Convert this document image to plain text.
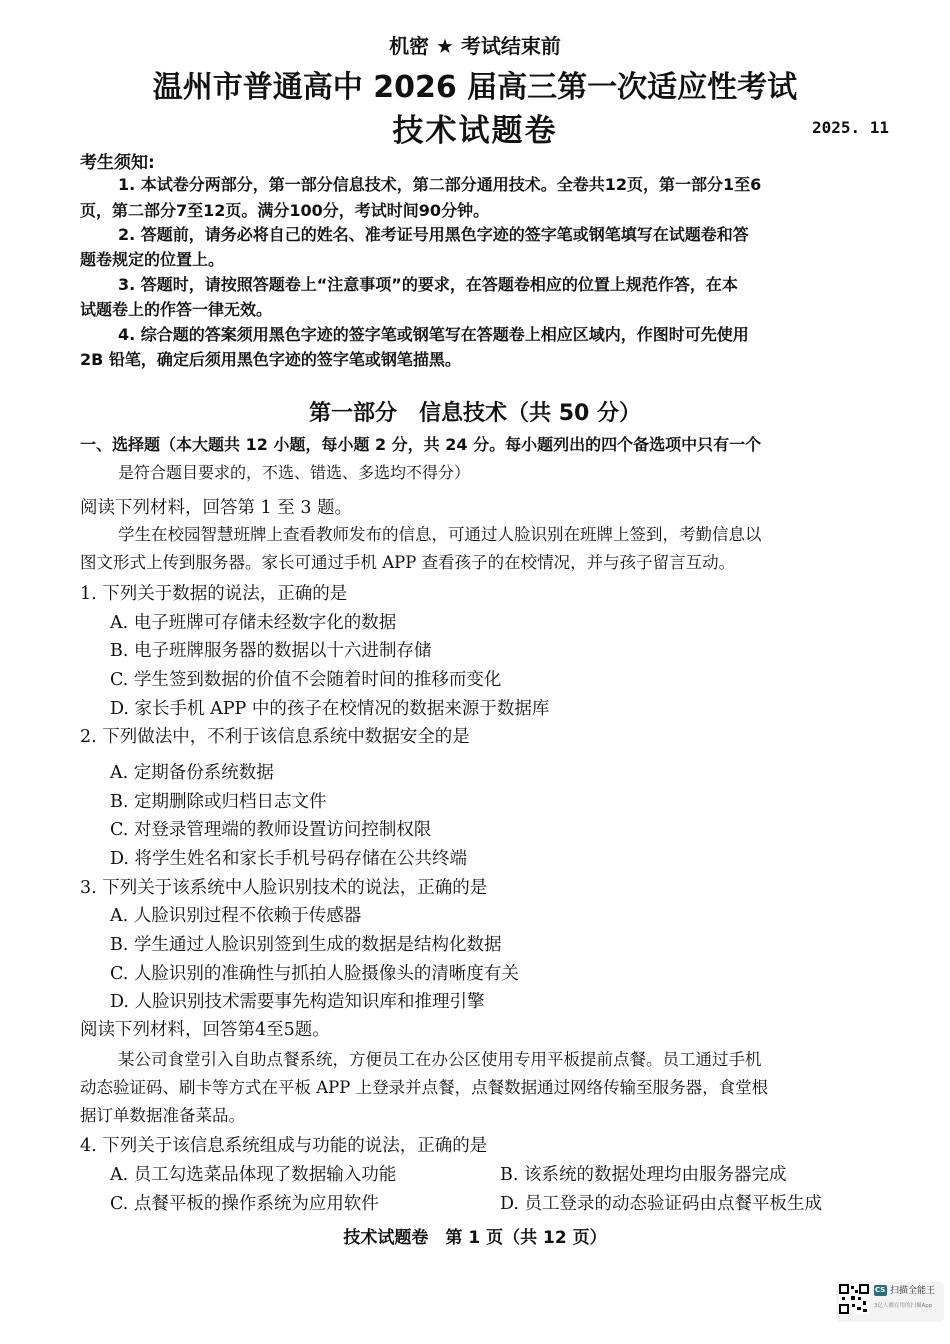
机密 ★ 考试结束前
温州市普通高中 2026 届高三第一次适应性考试
技术试题卷	2025. 11
考生须知:
1. 本试卷分两部分，第一部分信息技术，第二部分通用技术。全卷共12页，第一部分1至6
页，第二部分7至12页。满分100分，考试时间90分钟。
2. 答题前，请务必将自己的姓名、准考证号用黑色字迹的签字笔或钢笔填写在试题卷和答
题卷规定的位置上。
3. 答题时，请按照答题卷上“注意事项”的要求，在答题卷相应的位置上规范作答，在本
试题卷上的作答一律无效。
4. 综合题的答案须用黑色字迹的签字笔或钢笔写在答题卷上相应区域内，作图时可先使用
2B 铅笔，确定后须用黑色字迹的签字笔或钢笔描黑。
第一部分　信息技术（共 50 分）
一、选择题（本大题共 12 小题，每小题 2 分，共 24 分。每小题列出的四个备选项中只有一个
是符合题目要求的，不选、错选、多选均不得分）
阅读下列材料，回答第 1 至 3 题。
学生在校园智慧班牌上查看教师发布的信息，可通过人脸识别在班牌上签到，考勤信息以
图文形式上传到服务器。家长可通过手机 APP 查看孩子的在校情况，并与孩子留言互动。
1. 下列关于数据的说法，正确的是
A. 电子班牌可存储未经数字化的数据
B. 电子班牌服务器的数据以十六进制存储
C. 学生签到数据的价值不会随着时间的推移而变化
D. 家长手机 APP 中的孩子在校情况的数据来源于数据库
2. 下列做法中，不利于该信息系统中数据安全的是
A. 定期备份系统数据
B. 定期删除或归档日志文件
C. 对登录管理端的教师设置访问控制权限
D. 将学生姓名和家长手机号码存储在公共终端
3. 下列关于该系统中人脸识别技术的说法，正确的是
A. 人脸识别过程不依赖于传感器
B. 学生通过人脸识别签到生成的数据是结构化数据
C. 人脸识别的准确性与抓拍人脸摄像头的清晰度有关
D. 人脸识别技术需要事先构造知识库和推理引擎
阅读下列材料，回答第4至5题。
某公司食堂引入自助点餐系统，方便员工在办公区使用专用平板提前点餐。员工通过手机
动态验证码、刷卡等方式在平板 APP 上登录并点餐，点餐数据通过网络传输至服务器，食堂根
据订单数据准备菜品。
4. 下列关于该信息系统组成与功能的说法，正确的是
A. 员工勾选菜品体现了数据输入功能	B. 该系统的数据处理均由服务器完成
C. 点餐平板的操作系统为应用软件	D. 员工登录的动态验证码由点餐平板生成
技术试题卷　第 1 页（共 12 页）
CS 扫描全能王
3亿人都在用的扫描App
